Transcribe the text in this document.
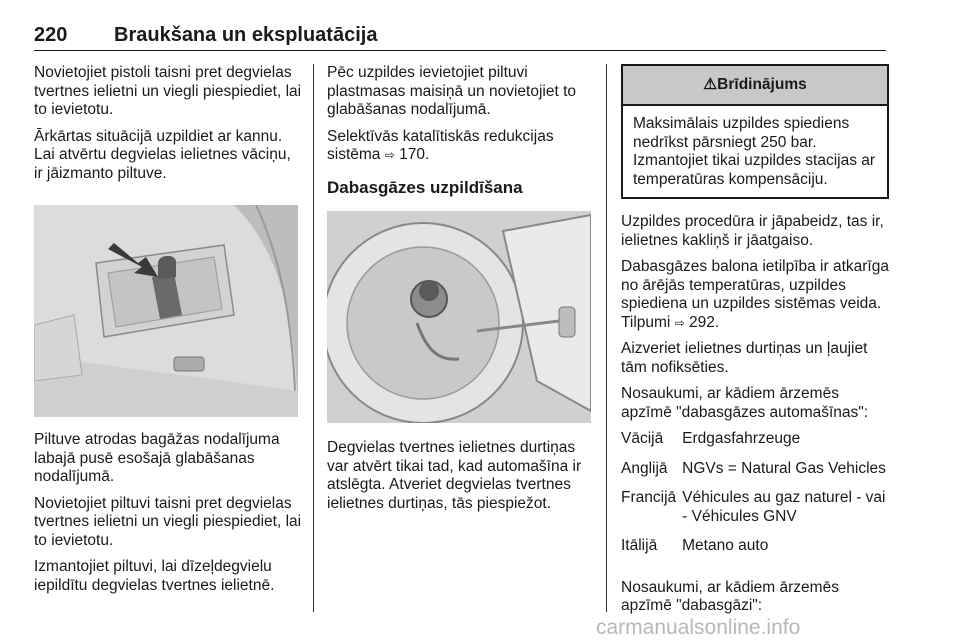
220 Braukšana un ekspluatācija

Novietojiet pistoli taisni pret degvielas tvertnes ielietni un viegli piespiediet, lai to ievietotu.

Ārkārtas situācijā uzpildiet ar kannu. Lai atvērtu degvielas ielietnes vāciņu, ir jāizmanto piltuve.

Piltuve atrodas bagāžas nodalījuma labajā pusē esošajā glabāšanas nodalījumā.

Novietojiet piltuvi taisni pret degvielas tvertnes ielietni un viegli piespiediet, lai to ievietotu.

Izmantojiet piltuvi, lai dīzeļdegvielu iepildītu degvielas tvertnes ielietnē.

Pēc uzpildes ievietojiet piltuvi plastmasas maisiņā un novietojiet to glabāšanas nodalījumā.

Selektīvās katalītiskās redukcijas sistēma ⇨ 170.

Dabasgāzes uzpildīšana

Degvielas tvertnes ielietnes durtiņas var atvērt tikai tad, kad automašīna ir atslēgta. Atveriet degvielas tvertnes ielietnes durtiņas, tās piespiežot.

⚠Brīdinājums
Maksimālais uzpildes spiediens nedrīkst pārsniegt 250 bar.
Izmantojiet tikai uzpildes stacijas ar temperatūras kompensāciju.

Uzpildes procedūra ir jāpabeidz, tas ir, ielietnes kakliņš ir jāatgaiso.

Dabasgāzes balona ietilpība ir atkarīga no ārējās temperatūras, uzpildes spiediena un uzpildes sistēmas veida. Tilpumi ⇨ 292.

Aizveriet ielietnes durtiņas un ļaujiet tām nofiksēties.

Nosaukumi, ar kādiem ārzemēs apzīmē "dabasgāzes automašīnas":

Vācijā	Erdgasfahrzeuge
Anglijā	NGVs = Natural Gas Vehicles
Francijā	Véhicules au gaz naturel - vai - Véhicules GNV
Itālijā	Metano auto

Nosaukumi, ar kādiem ārzemēs apzīmē "dabasgāzi":

carmanualsonline.info
